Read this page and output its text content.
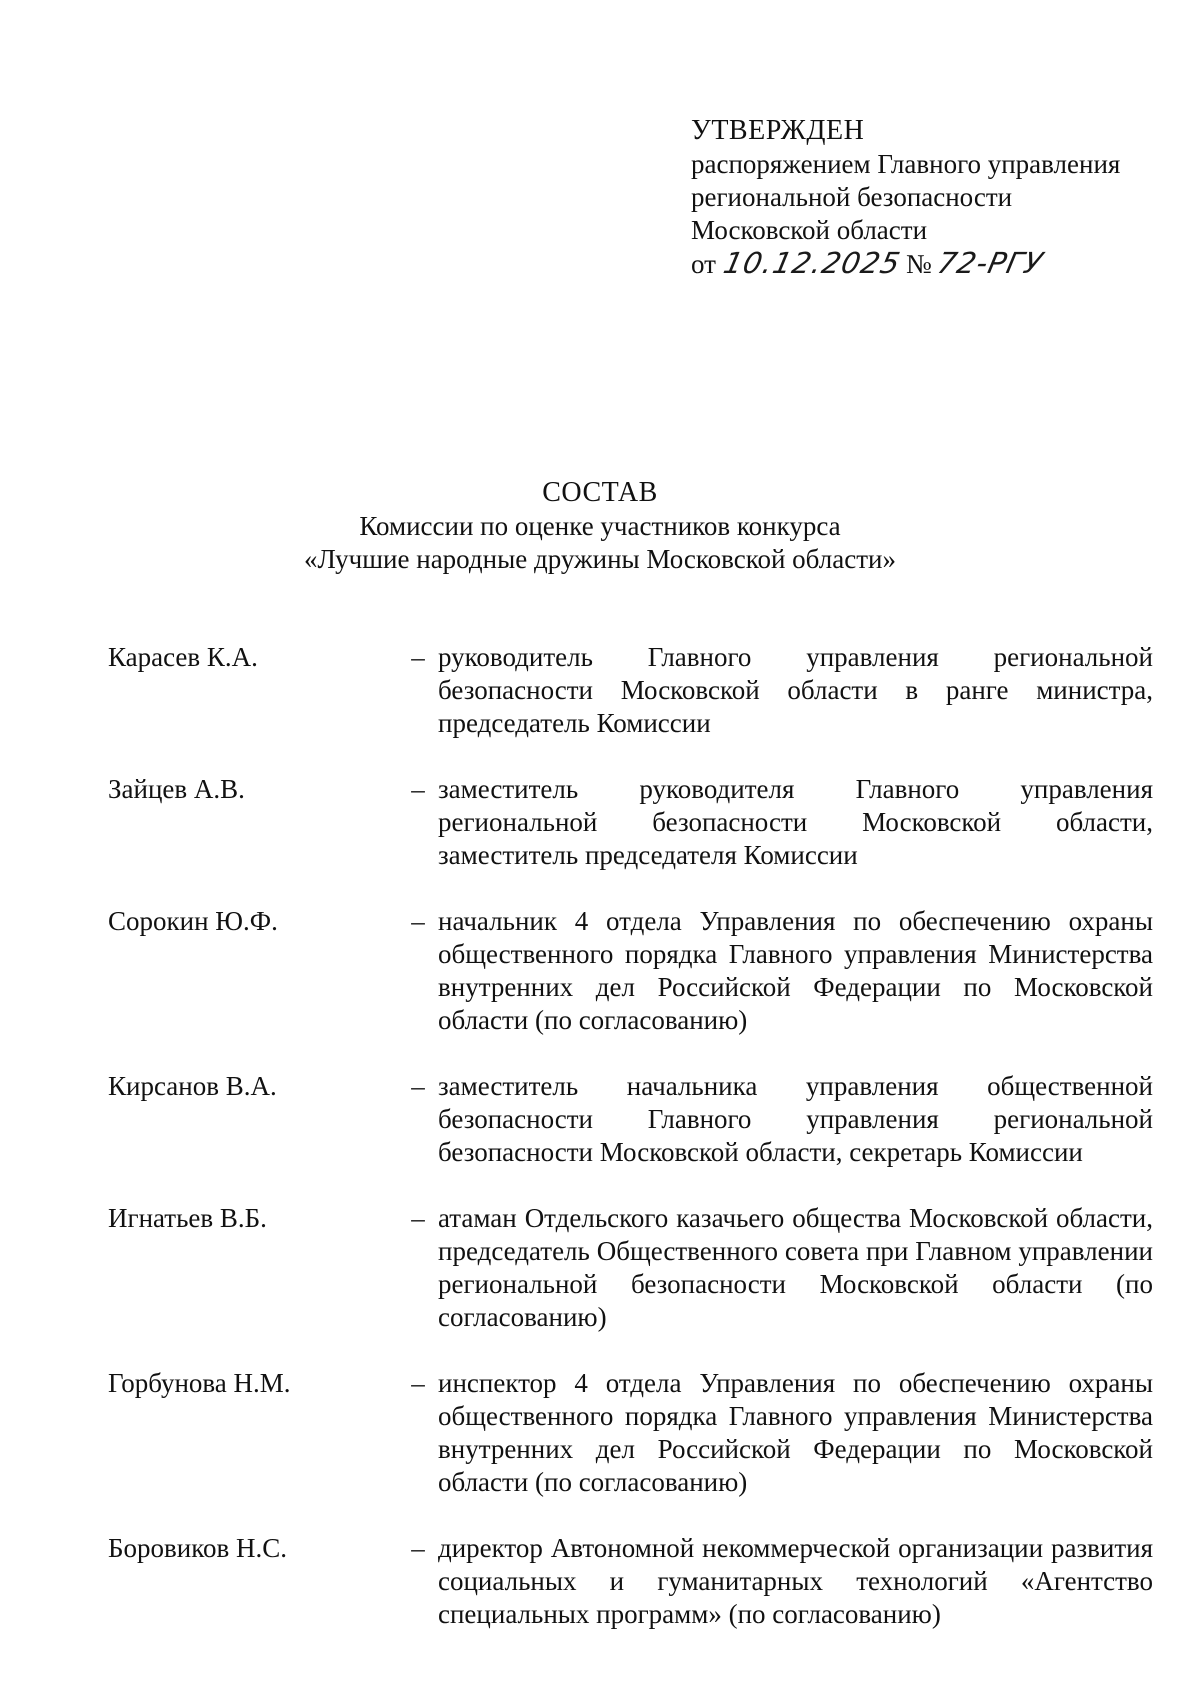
УТВЕРЖДЕН
распоряжением Главного управления
региональной безопасности
Московской области
от 10.12.2025 № 72-РГУ
СОСТАВ
Комиссии по оценке участников конкурса
«Лучшие народные дружины Московской области»
Карасев К.А.	– руководитель Главного управления региональной безопасности Московской области в ранге министра, председатель Комиссии
Зайцев А.В.	– заместитель руководителя Главного управления региональной безопасности Московской области, заместитель председателя Комиссии
Сорокин Ю.Ф.	– начальник 4 отдела Управления по обеспечению охраны общественного порядка Главного управления Министерства внутренних дел Российской Федерации по Московской области (по согласованию)
Кирсанов В.А.	– заместитель начальника управления общественной безопасности Главного управления региональной безопасности Московской области, секретарь Комиссии
Игнатьев В.Б.	– атаман Отдельского казачьего общества Московской области, председатель Общественного совета при Главном управлении региональной безопасности Московской области (по согласованию)
Горбунова Н.М.	– инспектор 4 отдела Управления по обеспечению охраны общественного порядка Главного управления Министерства внутренних дел Российской Федерации по Московской области (по согласованию)
Боровиков Н.С.	– директор Автономной некоммерческой организации развития социальных и гуманитарных технологий «Агентство специальных программ» (по согласованию)
